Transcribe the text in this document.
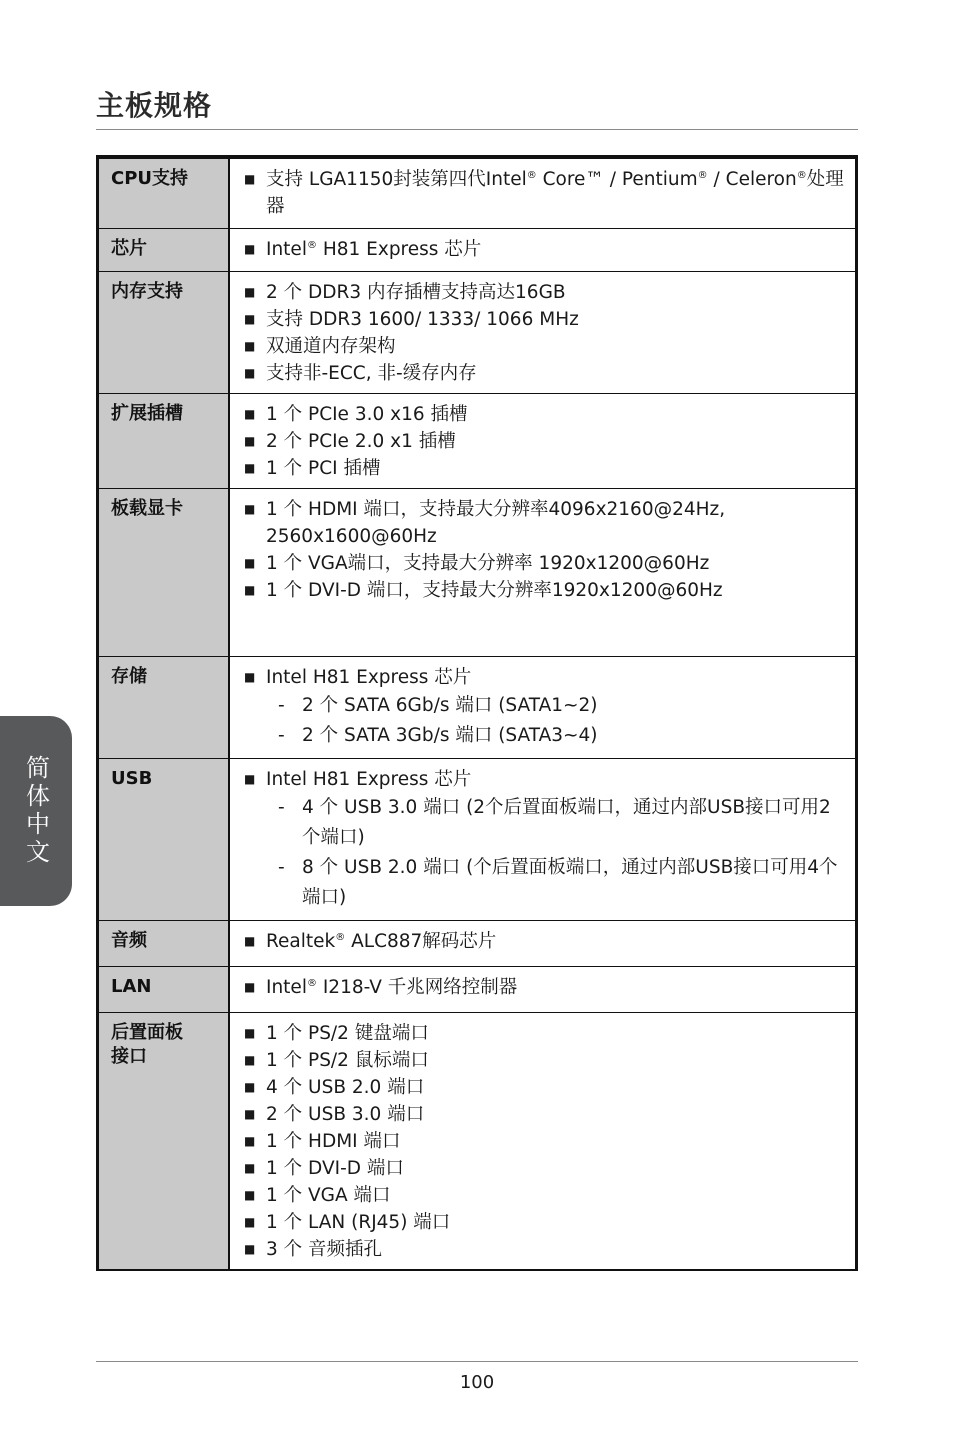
主板规格
CPU支持	■ 支持 LGA1150封装第四代Intel® Core™ / Pentium® / Celeron®处理器
芯片	■ Intel® H81 Express 芯片
内存支持	■ 2 个 DDR3 内存插槽支持高达16GB
■ 支持 DDR3 1600/ 1333/ 1066 MHz
■ 双通道内存架构
■ 支持非-ECC, 非-缓存内存
扩展插槽	■ 1 个 PCIe 3.0 x16 插槽
■ 2 个 PCIe 2.0 x1 插槽
■ 1 个 PCI 插槽
板载显卡	■ 1 个 HDMI 端口，支持最大分辨率4096x2160@24Hz, 2560x1600@60Hz
■ 1 个 VGA端口，支持最大分辨率 1920x1200@60Hz
■ 1 个 DVI-D 端口，支持最大分辨率1920x1200@60Hz
存储	■ Intel H81 Express 芯片
- 2 个 SATA 6Gb/s 端口 (SATA1~2)
- 2 个 SATA 3Gb/s 端口 (SATA3~4)
USB	■ Intel H81 Express 芯片
- 4 个 USB 3.0 端口 (2个后置面板端口，通过内部USB接口可用2个端口)
- 8 个 USB 2.0 端口 (个后置面板端口，通过内部USB接口可用4个端口)
音频	■ Realtek® ALC887解码芯片
LAN	■ Intel® I218-V 千兆网络控制器
后置面板接口
■ 1 个 PS/2 键盘端口
■ 1 个 PS/2 鼠标端口
■ 4 个 USB 2.0 端口
■ 2 个 USB 3.0 端口
■ 1 个 HDMI 端口
■ 1 个 DVI-D 端口
■ 1 个 VGA 端口
■ 1 个 LAN (RJ45) 端口
■ 3 个 音频插孔
简体中文
100
